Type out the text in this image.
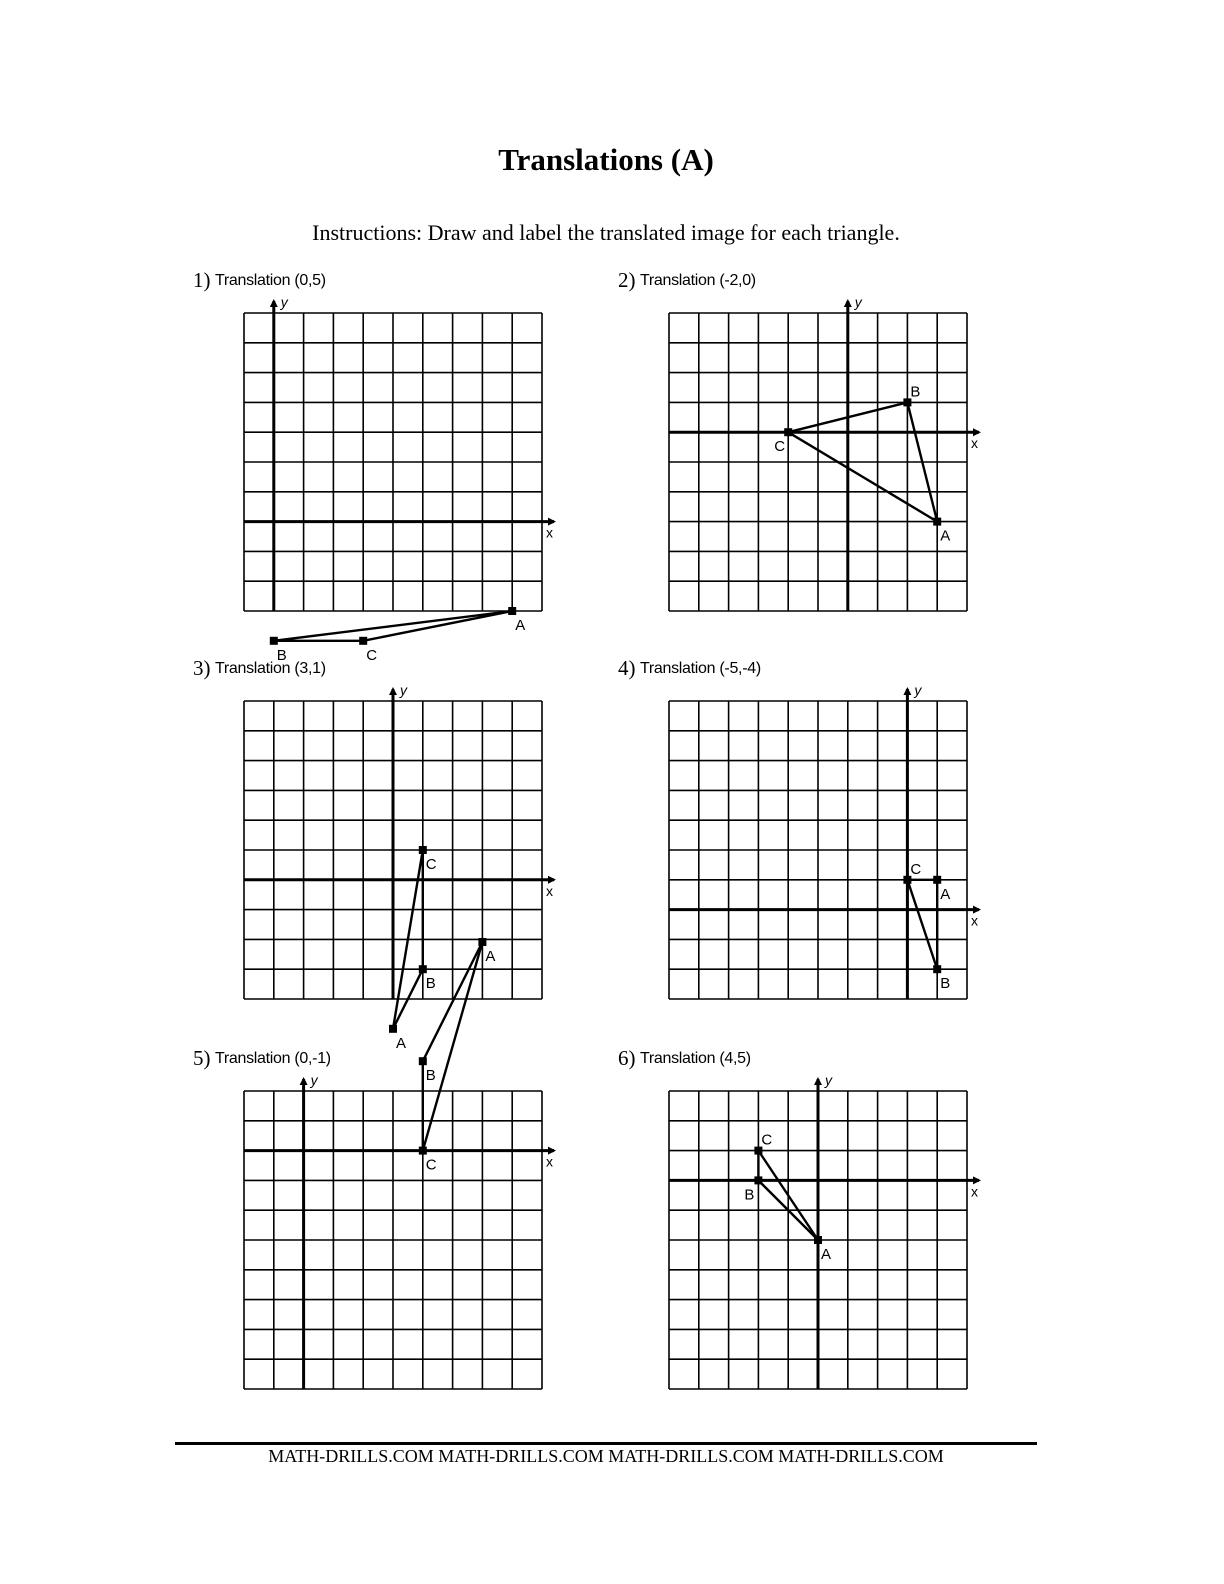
Translations (A)
Instructions: Draw and label the translated image for each triangle.
1) Translation (0,5)
y
x
A
B	C
2) Translation (-2,0)
y
x
A
B
C
3) Translation (3,1)
y
x
A
B
C
4) Translation (-5,-4)
y
x
A
B
C
5) Translation (0,-1)
y
x
A
B
C
6) Translation (4,5)
y
x
A
B
C
MATH-DRILLS.COM MATH-DRILLS.COM MATH-DRILLS.COM MATH-DRILLS.COM
